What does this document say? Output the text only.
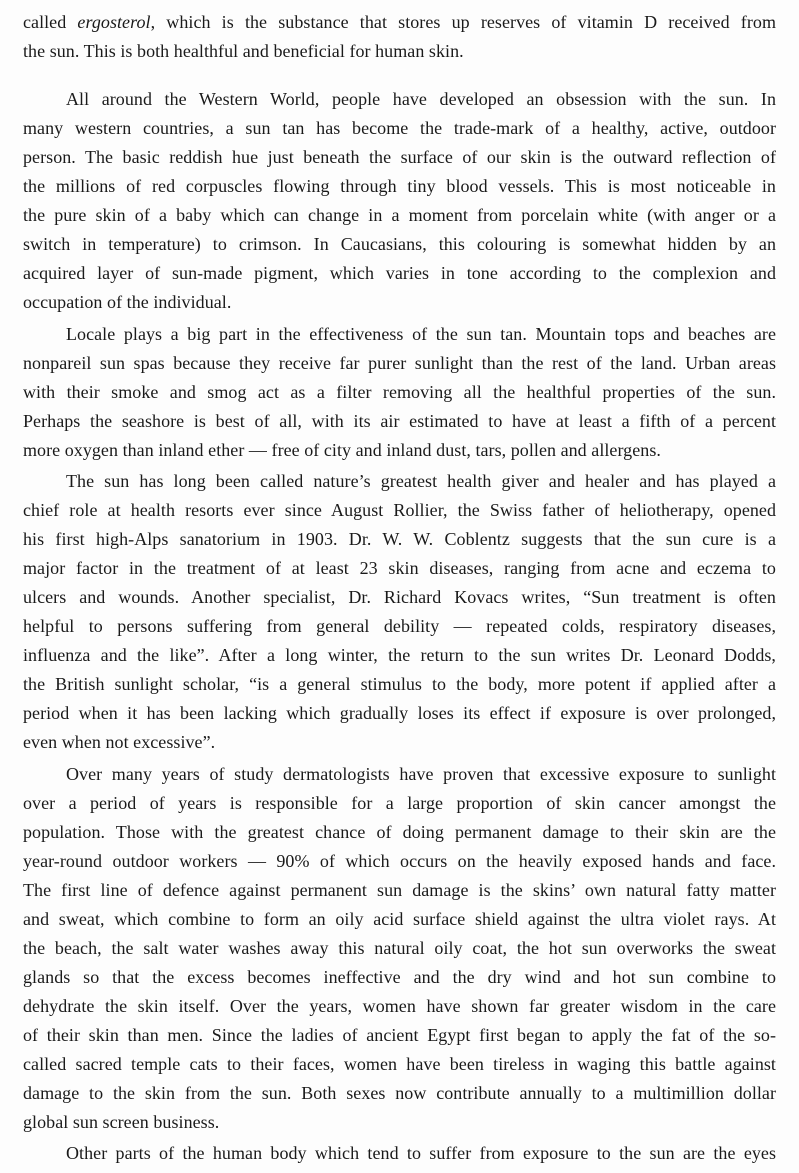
called ergosterol, which is the substance that stores up reserves of vitamin D received from
the sun. This is both healthful and beneficial for human skin.
All around the Western World, people have developed an obsession with the sun. In
many western countries, a sun tan has become the trade-mark of a healthy, active, outdoor
person. The basic reddish hue just beneath the surface of our skin is the outward reflection of
the millions of red corpuscles flowing through tiny blood vessels. This is most noticeable in
the pure skin of a baby which can change in a moment from porcelain white (with anger or a
switch in temperature) to crimson. In Caucasians, this colouring is somewhat hidden by an
acquired layer of sun-made pigment, which varies in tone according to the complexion and
occupation of the individual.
Locale plays a big part in the effectiveness of the sun tan. Mountain tops and beaches are
nonpareil sun spas because they receive far purer sunlight than the rest of the land. Urban areas
with their smoke and smog act as a filter removing all the healthful properties of the sun.
Perhaps the seashore is best of all, with its air estimated to have at least a fifth of a percent
more oxygen than inland ether — free of city and inland dust, tars, pollen and allergens.
The sun has long been called nature’s greatest health giver and healer and has played a
chief role at health resorts ever since August Rollier, the Swiss father of heliotherapy, opened
his first high-Alps sanatorium in 1903. Dr. W. W. Coblentz suggests that the sun cure is a
major factor in the treatment of at least 23 skin diseases, ranging from acne and eczema to
ulcers and wounds. Another specialist, Dr. Richard Kovacs writes, “Sun treatment is often
helpful to persons suffering from general debility — repeated colds, respiratory diseases,
influenza and the like”. After a long winter, the return to the sun writes Dr. Leonard Dodds,
the British sunlight scholar, “is a general stimulus to the body, more potent if applied after a
period when it has been lacking which gradually loses its effect if exposure is over prolonged,
even when not excessive”.
Over many years of study dermatologists have proven that excessive exposure to sunlight
over a period of years is responsible for a large proportion of skin cancer amongst the
population. Those with the greatest chance of doing permanent damage to their skin are the
year-round outdoor workers — 90% of which occurs on the heavily exposed hands and face.
The first line of defence against permanent sun damage is the skins’ own natural fatty matter
and sweat, which combine to form an oily acid surface shield against the ultra violet rays. At
the beach, the salt water washes away this natural oily coat, the hot sun overworks the sweat
glands so that the excess becomes ineffective and the dry wind and hot sun combine to
dehydrate the skin itself. Over the years, women have shown far greater wisdom in the care
of their skin than men. Since the ladies of ancient Egypt first began to apply the fat of the so-
called sacred temple cats to their faces, women have been tireless in waging this battle against
damage to the skin from the sun. Both sexes now contribute annually to a multimillion dollar
global sun screen business.
Other parts of the human body which tend to suffer from exposure to the sun are the eyes
